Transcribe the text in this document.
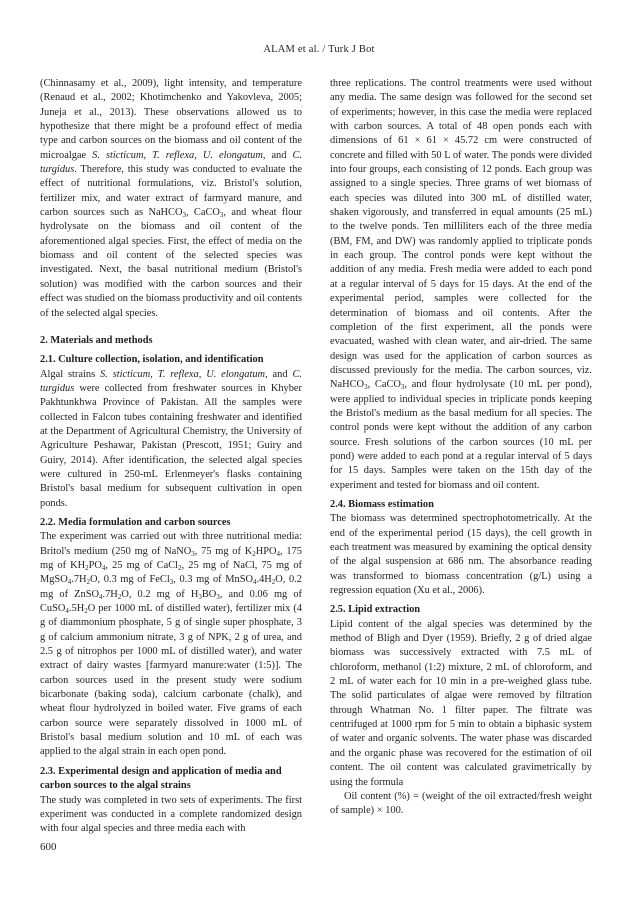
ALAM et al. / Turk J Bot

(Chinnasamy et al., 2009), light intensity, and temperature (Renaud et al., 2002; Khotimchenko and Yakovleva, 2005; Juneja et al., 2013). These observations allowed us to hypothesize that there might be a profound effect of media type and carbon sources on the biomass and oil content of the microalgae S. sticticum, T. reflexa, U. elongatum, and C. turgidus. Therefore, this study was conducted to evaluate the effect of nutritional formulations, viz. Bristol's solution, fertilizer mix, and water extract of farmyard manure, and carbon sources such as NaHCO$_3$, CaCO$_3$, and wheat flour hydrolysate on the biomass and oil content of the aforementioned algal species. First, the effect of media on the biomass and oil content of the selected species was investigated. Next, the basal nutritional medium (Bristol's solution) was modified with the carbon sources and their effect was studied on the biomass productivity and oil contents of the selected algal species.

2. Materials and methods
2.1. Culture collection, isolation, and identification

Algal strains S. sticticum, T. reflexa, U. elongatum, and C. turgidus were collected from freshwater sources in Khyber Pakhtunkhwa Province of Pakistan. All the samples were collected in Falcon tubes containing freshwater and identified at the Department of Agricultural Chemistry, the University of Agriculture Peshawar, Pakistan (Prescott, 1951; Guiry and Guiry, 2014). After identification, the selected algal species were cultured in 250-mL Erlenmeyer's flasks containing Bristol's basal medium for subsequent cultivation in open ponds.

2.2. Media formulation and carbon sources

The experiment was carried out with three nutritional media: Britol's medium (250 mg of NaNO$_3$, 75 mg of $K_2HPO_4$, 175 mg of $KH_2PO_4$, 25 mg of CaCl$_2$, 25 mg of NaCl, 75 mg of $MgSO_4.7H_2O$, 0.3 mg of FeCl$_3$, 0.3 mg of $MnSO_4.4H_2O$, 0.2 mg of $ZnSO_4.7H_2O$, 0.2 mg of $H_3BO_3$, and 0.06 mg of $CuSO_4.5H_2O$ per 1000 mL of distilled water), fertilizer mix (4 g of diammonium phosphate, 5 g of single super phosphate, 3 g of calcium ammonium nitrate, 3 g of NPK, 2 g of urea, and 2.5 g of nitrophos per 1000 mL of distilled water), and water extract of dairy wastes [farmyard manure:water (1:5)]. The carbon sources used in the present study were sodium bicarbonate (baking soda), calcium carbonate (chalk), and wheat flour hydrolyzed in boiled water. Five grams of each carbon source were separately dissolved in 1000 mL of Bristol's basal medium solution and 10 mL of each was applied to the algal strain in each open pond.

2.3. Experimental design and application of media and carbon sources to the algal strains

The study was completed in two sets of experiments. The first experiment was conducted in a complete randomized design with four algal species and three media each with

three replications. The control treatments were used without any media. The same design was followed for the second set of experiments; however, in this case the media were replaced with carbon sources. A total of 48 open ponds each with dimensions of 61 × 61 × 45.72 cm were constructed of concrete and filled with 50 L of water. The ponds were divided into four groups, each consisting of 12 ponds. Each group was assigned to a single species. Three grams of wet biomass of each species was diluted into 300 mL of distilled water, shaken vigorously, and transferred in equal amounts (25 mL) to the twelve ponds. Ten milliliters each of the three media (BM, FM, and DW) was randomly applied to triplicate ponds in each group. The control ponds were kept without the addition of any media. Fresh media were added to each pond at a regular interval of 5 days for 15 days. At the end of the experimental period, samples were collected for the determination of biomass and oil contents. After the completion of the first experiment, all the ponds were evacuated, washed with clean water, and air-dried. The same design was used for the application of carbon sources as discussed previously for the media. The carbon sources, viz. NaHCO$_3$, CaCO$_3$, and flour hydrolysate (10 mL per pond), were applied to individual species in triplicate ponds keeping the Bristol's medium as the basal medium for all species. The control ponds were kept without the addition of any carbon source. Fresh solutions of the carbon sources (10 mL per pond) were added to each pond at a regular interval of 5 days for 15 days. Samples were taken on the 15th day of the experiment and tested for biomass and oil content.

2.4. Biomass estimation

The biomass was determined spectrophotometrically. At the end of the experimental period (15 days), the cell growth in each treatment was measured by examining the optical density of the algal suspension at 686 nm. The absorbance reading was transformed to biomass concentration (g/L) using a regression equation (Xu et al., 2006).

2.5. Lipid extraction

Lipid content of the algal species was determined by the method of Bligh and Dyer (1959). Briefly, 2 g of dried algae biomass was successively extracted with 7.5 mL of chloroform, methanol (1:2) mixture, 2 mL of chloroform, and 2 mL of water each for 10 min in a pre-weighed glass tube. The solid particulates of algae were removed by filtration through Whatman No. 1 filter paper. The filtrate was centrifuged at 1000 rpm for 5 min to obtain a biphasic system of water and organic solvents. The water phase was discarded and the organic phase was recovered for the estimation of oil content. The oil content was calculated gravimetrically by using the formula

Oil content (%) = (weight of the oil extracted/fresh weight of sample) × 100.

600
